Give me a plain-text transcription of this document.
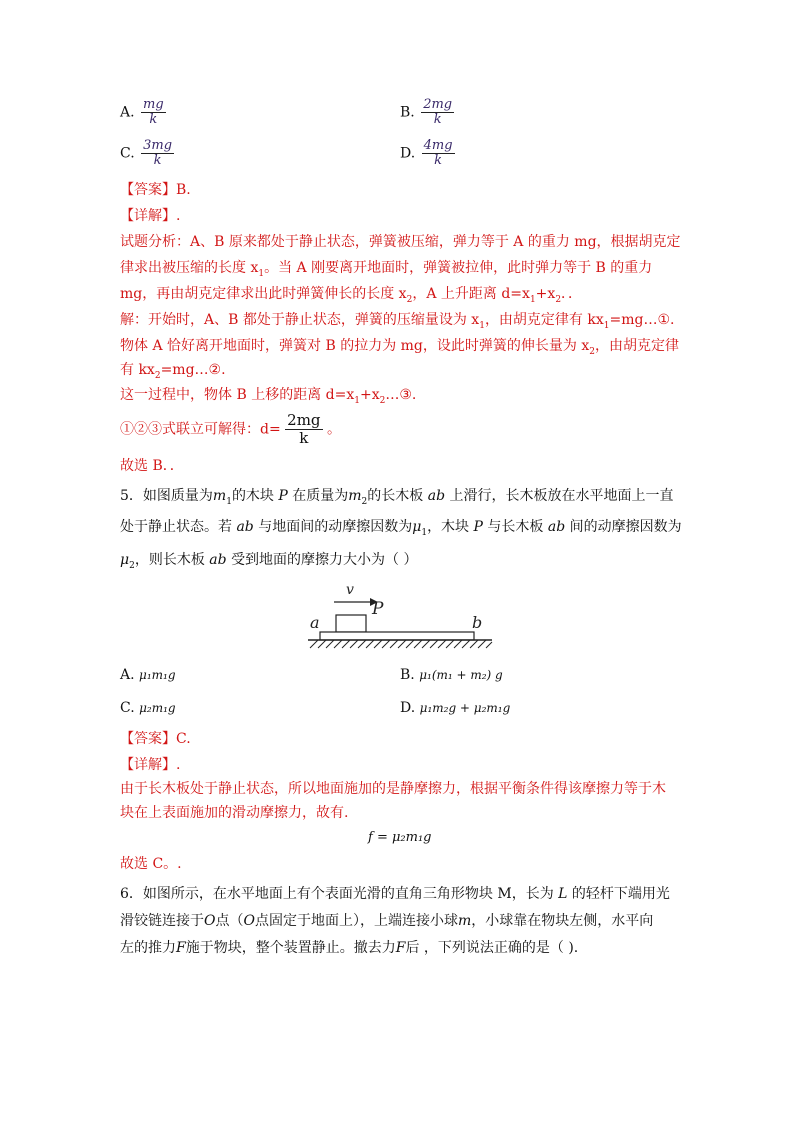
A. $\frac{mg}{k}$	B. $\frac{2mg}{k}$
C. $\frac{3mg}{k}$	D. $\frac{4mg}{k}$
【答案】B.
【详解】.
试题分析：A、B 原来都处于静止状态，弹簧被压缩，弹力等于 A 的重力 mg，根据胡克定
律求出被压缩的长度 $x_1$。当 A 刚要离开地面时，弹簧被拉伸，此时弹力等于 B 的重力
mg，再由胡克定律求出此时弹簧伸长的长度 $x_2$，A 上升距离 $d=x_1+x_2$．．
解：开始时，A、B 都处于静止状态，弹簧的压缩量设为 $x_1$，由胡克定律有 $kx_1=mg\dots ①$.
物体 A 恰好离开地面时，弹簧对 B 的拉力为 mg，设此时弹簧的伸长量为 $x_2$，由胡克定律
有 $kx_2=mg\dots ②$.
这一过程中，物体 B 上移的距离 $d=x_1+x_2\dots ③$.
①②③式联立可解得：$d= \frac{2mg}{k}$ 。
故选 B．．
5．如图质量为$m_1$的木块 P 在质量为$m_2$的长木板 ab 上滑行，长木板放在水平地面上一直
处于静止状态。若 ab 与地面间的动摩擦因数为$\mu_1$，木块 P 与长木板 ab 间的动摩擦因数为
$\mu_2$，则长木板 ab 受到地面的摩擦力大小为（ ）
v
P
a	b
A. μ₁m₁g	B. μ₁(m₁ + m₂) g
C. μ₂m₁g	D. μ₁m₂g + μ₂m₁g
【答案】C.
【详解】.
由于长木板处于静止状态，所以地面施加的是静摩擦力，根据平衡条件得该摩擦力等于木
块在上表面施加的滑动摩擦力，故有.
f = μ₂m₁g
故选 C。.
6．如图所示，在水平地面上有个表面光滑的直角三角形物块 M，长为 L 的轻杆下端用光
滑铰链连接于O点（O点固定于地面上），上端连接小球m，小球靠在物块左侧，水平向
左的推力F施于物块，整个装置静止。撤去力F后 ，下列说法正确的是（ ).
